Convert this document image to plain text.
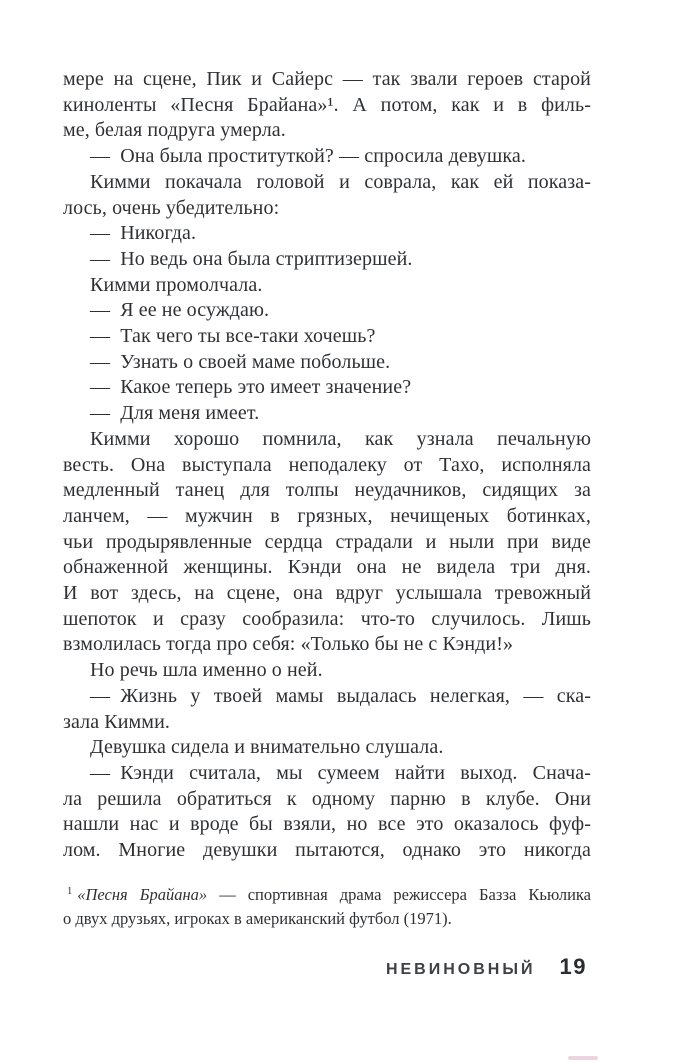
мере на сцене, Пик и Сайерс — так звали героев старой
киноленты «Песня Брайана»¹. А потом, как и в филь-
ме, белая подруга умерла.
— Она была проституткой? — спросила девушка.
Кимми покачала головой и соврала, как ей показа-
лось, очень убедительно:
— Никогда.
— Но ведь она была стриптизершей.
Кимми промолчала.
— Я ее не осуждаю.
— Так чего ты все-таки хочешь?
— Узнать о своей маме побольше.
— Какое теперь это имеет значение?
— Для меня имеет.
Кимми хорошо помнила, как узнала печальную
весть. Она выступала неподалеку от Тахо, исполняла
медленный танец для толпы неудачников, сидящих за
ланчем, — мужчин в грязных, нечищеных ботинках,
чьи продырявленные сердца страдали и ныли при виде
обнаженной женщины. Кэнди она не видела три дня.
И вот здесь, на сцене, она вдруг услышала тревожный
шепоток и сразу сообразила: что-то случилось. Лишь
взмолилась тогда про себя: «Только бы не с Кэнди!»
Но речь шла именно о ней.
— Жизнь у твоей мамы выдалась нелегкая, — ска-
зала Кимми.
Девушка сидела и внимательно слушала.
— Кэнди считала, мы сумеем найти выход. Снача-
ла решила обратиться к одному парню в клубе. Они
нашли нас и вроде бы взяли, но все это оказалось фуф-
лом. Многие девушки пытаются, однако это никогда
$^1$ «Песня Брайана» — спортивная драма режиссера Базза Кьюлика
о двух друзьях, игроках в американский футбол (1971).
НЕВИНОВНЫЙ 19
